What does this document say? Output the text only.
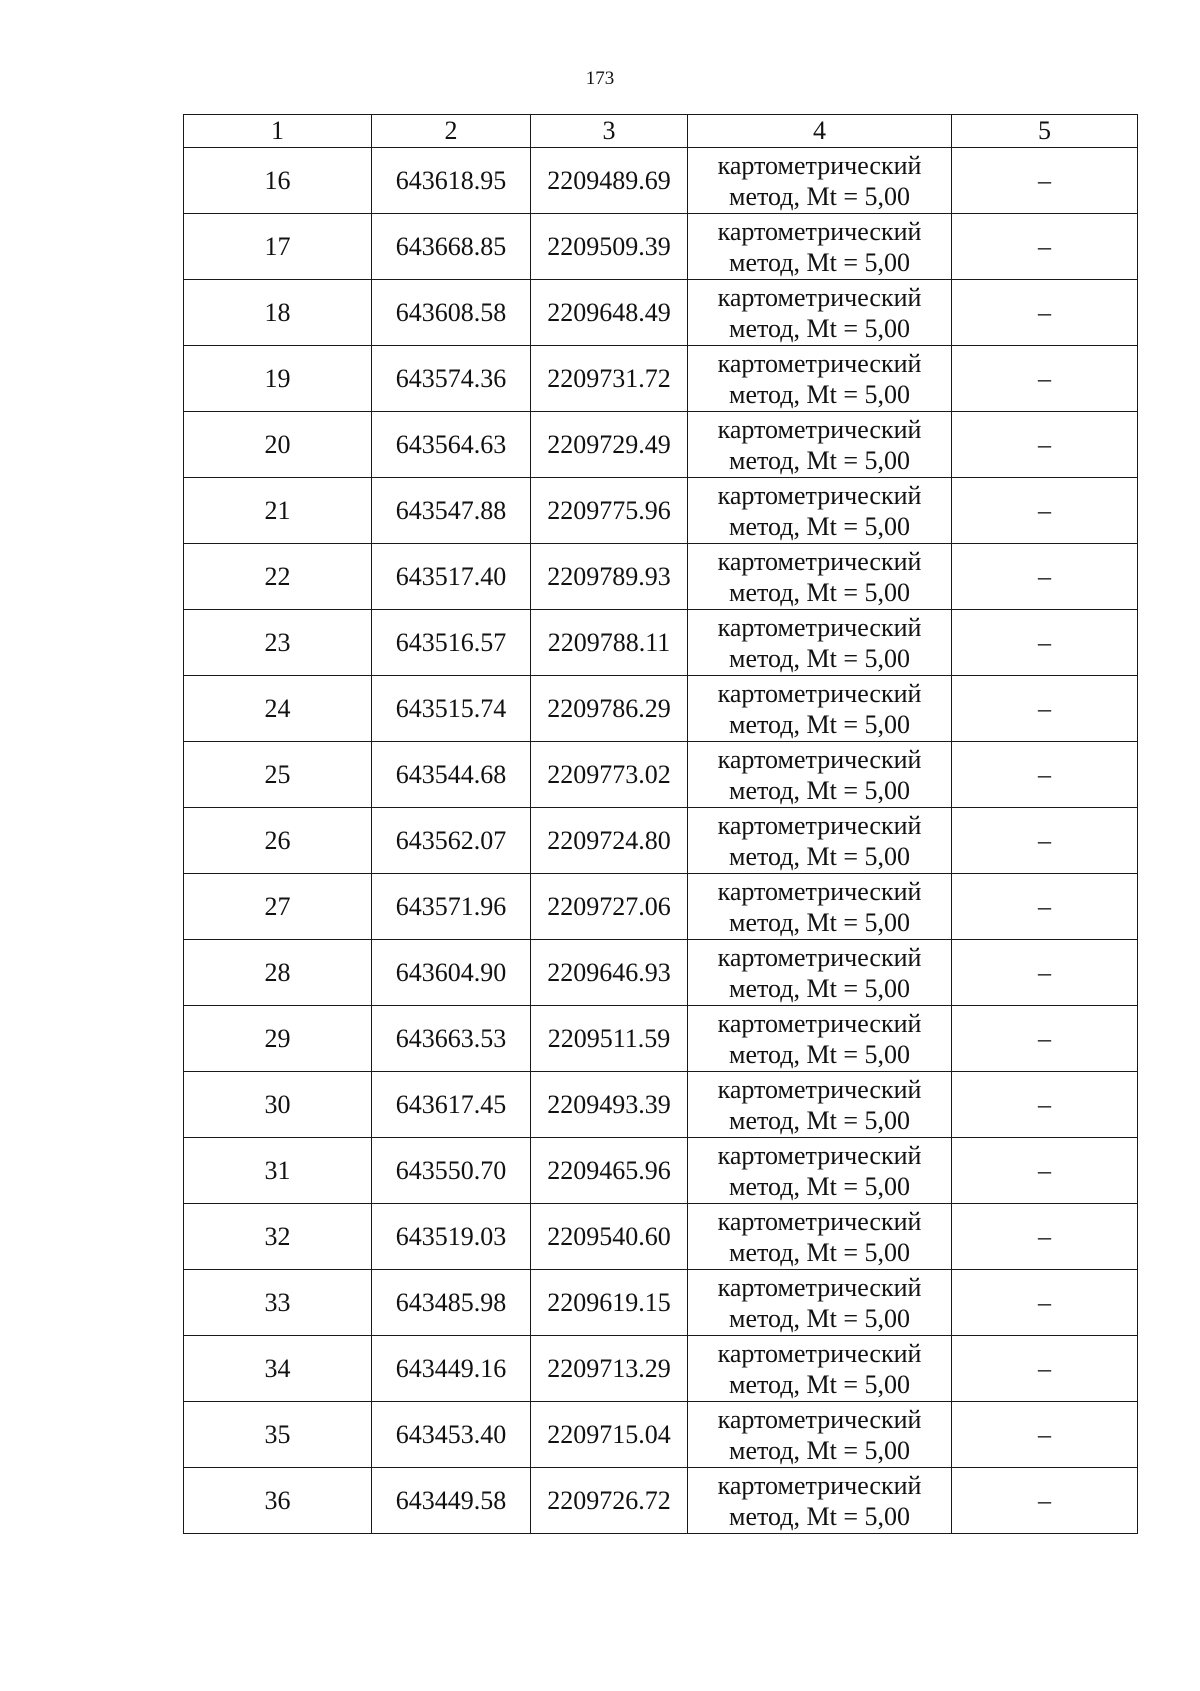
173
1	2	3	4	5
16	643618.95	2209489.69	картометрический
метод, Mt = 5,00	–
17	643668.85	2209509.39	картометрический
метод, Mt = 5,00	–
18	643608.58	2209648.49	картометрический
метод, Mt = 5,00	–
19	643574.36	2209731.72	картометрический
метод, Mt = 5,00	–
20	643564.63	2209729.49	картометрический
метод, Mt = 5,00	–
21	643547.88	2209775.96	картометрический
метод, Mt = 5,00	–
22	643517.40	2209789.93	картометрический
метод, Mt = 5,00	–
23	643516.57	2209788.11	картометрический
метод, Mt = 5,00	–
24	643515.74	2209786.29	картометрический
метод, Mt = 5,00	–
25	643544.68	2209773.02	картометрический
метод, Mt = 5,00	–
26	643562.07	2209724.80	картометрический
метод, Mt = 5,00	–
27	643571.96	2209727.06	картометрический
метод, Mt = 5,00	–
28	643604.90	2209646.93	картометрический
метод, Mt = 5,00	–
29	643663.53	2209511.59	картометрический
метод, Mt = 5,00	–
30	643617.45	2209493.39	картометрический
метод, Mt = 5,00	–
31	643550.70	2209465.96	картометрический
метод, Mt = 5,00	–
32	643519.03	2209540.60	картометрический
метод, Mt = 5,00	–
33	643485.98	2209619.15	картометрический
метод, Mt = 5,00	–
34	643449.16	2209713.29	картометрический
метод, Mt = 5,00	–
35	643453.40	2209715.04	картометрический
метод, Mt = 5,00	–
36	643449.58	2209726.72	картометрический
метод, Mt = 5,00	–
